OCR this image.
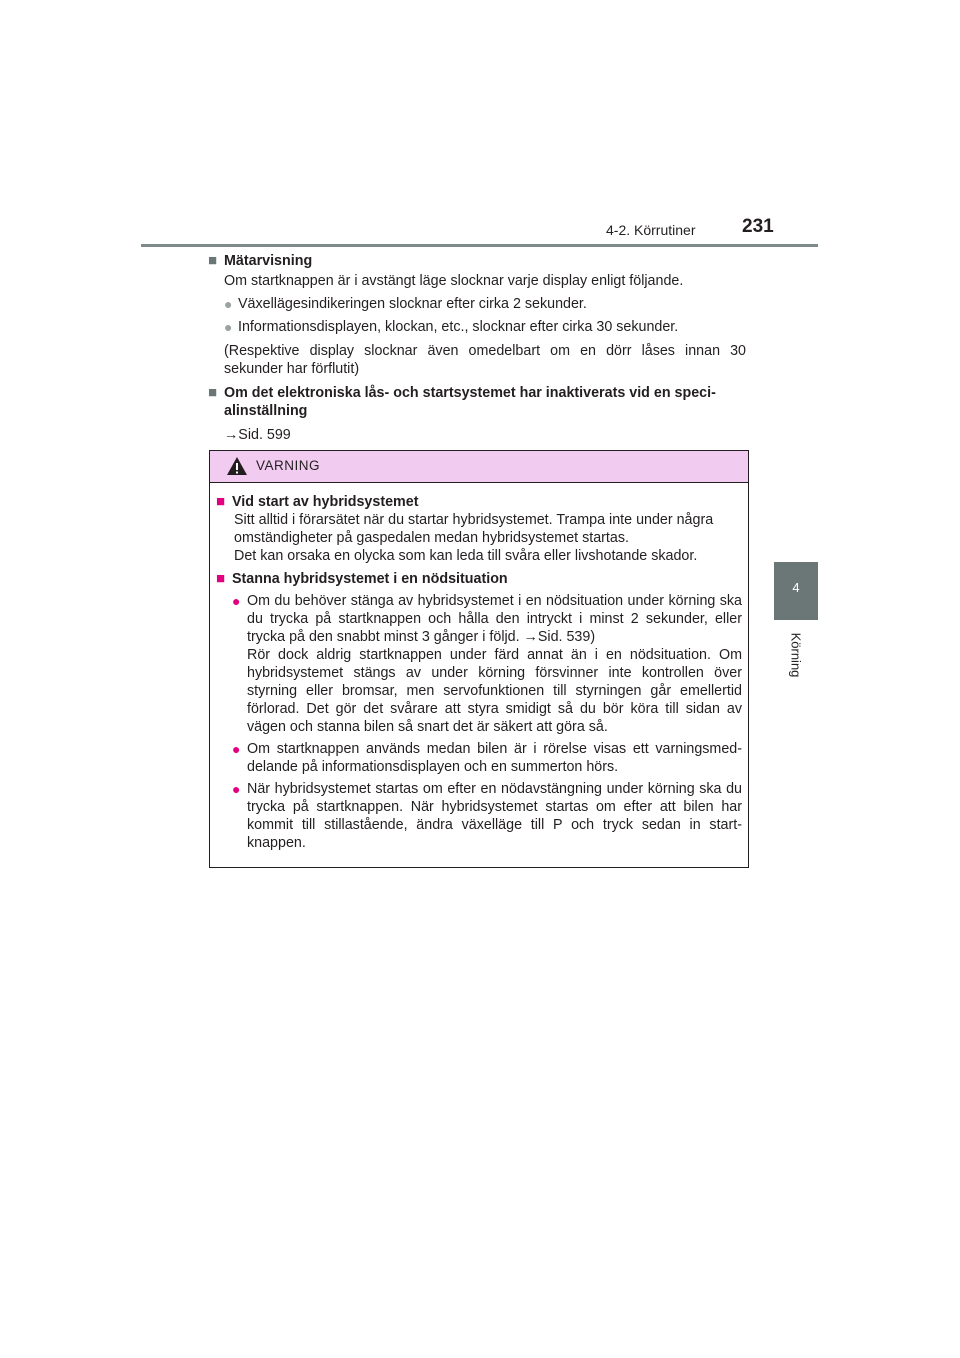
4-2. Körrutiner 231
4
Körning
■ Mätarvisning
Om startknappen är i avstängt läge slocknar varje display enligt följande.
● Växellägesindikeringen slocknar efter cirka 2 sekunder.
● Informationsdisplayen, klockan, etc., slocknar efter cirka 30 sekunder.
(Respektive display slocknar även omedelbart om en dörr låses innan 30 sekunder har förflutit)
■ Om det elektroniska lås- och startsystemet har inaktiverats vid en speci-alinställning
→Sid. 599
VARNING
■ Vid start av hybridsystemet
Sitt alltid i förarsätet när du startar hybridsystemet. Trampa inte under några omständigheter på gaspedalen medan hybridsystemet startas.
Det kan orsaka en olycka som kan leda till svåra eller livshotande skador.
■ Stanna hybridsystemet i en nödsituation
● Om du behöver stänga av hybridsystemet i en nödsituation under körning ska du trycka på startknappen och hålla den intryckt i minst 2 sekunder, eller trycka på den snabbt minst 3 gånger i följd. →Sid. 539)
Rör dock aldrig startknappen under färd annat än i en nödsituation. Om hybridsystemet stängs av under körning försvinner inte kontrollen över styrning eller bromsar, men servofunktionen till styrningen går emellertid förlorad. Det gör det svårare att styra smidigt så du bör köra till sidan av vägen och stanna bilen så snart det är säkert att göra så.
● Om startknappen används medan bilen är i rörelse visas ett varningsmed-delande på informationsdisplayen och en summerton hörs.
● När hybridsystemet startas om efter en nödavstängning under körning ska du trycka på startknappen. När hybridsystemet startas om efter att bilen har kommit till stillastående, ändra växelläge till P och tryck sedan in start-knappen.
